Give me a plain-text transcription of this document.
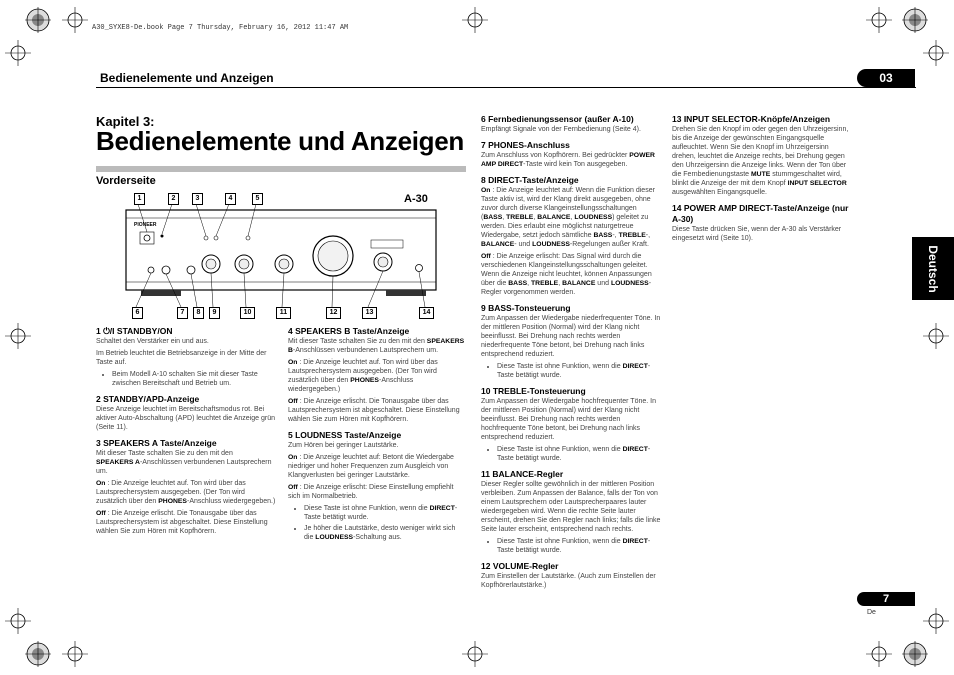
A30_SYXE8-De.book Page 7 Thursday, February 16, 2012 11:47 AM
Bedienelemente und Anzeigen	03
Kapitel 3:
Bedienelemente und Anzeigen
Vorderseite
PIONEER
A-30
1	2	3	4	5
6	7	8	9	10	11	12	13	14
1 ⏻/I STANDBY/ON

Schaltet den Verstärker ein und aus.

Im Betrieb leuchtet die Betriebsanzeige in der Mitte der Taste auf.

• Beim Modell A-10 schalten Sie mit dieser Taste zwischen Bereitschaft und Betrieb um.
2 STANDBY/APD-Anzeige

Diese Anzeige leuchtet im Bereitschaftsmodus rot. Bei aktiver Auto-Abschaltung (APD) leuchtet die Anzeige grün (Seite 11).

3 SPEAKERS A Taste/Anzeige

Mit dieser Taste schalten Sie zu den mit den
SPEAKERS A-Anschlüssen verbundenen Lautsprechern um.

On : Die Anzeige leuchtet auf. Ton wird über das Lautsprechersystem ausgegeben. (Der Ton wird zusätzlich über den PHONES-Anschluss wiedergegeben.)

Off : Die Anzeige erlischt. Die Tonausgabe über das Lautsprechersystem ist abgeschaltet. Diese Einstellung wählen Sie zum Hören mit Kopfhörern.

4 SPEAKERS B Taste/Anzeige

Mit dieser Taste schalten Sie zu den mit den SPEAKERS B-Anschlüssen verbundenen Lautsprechern um.

On : Die Anzeige leuchtet auf. Ton wird über das Lautsprechersystem ausgegeben. (Der Ton wird zusätzlich über den PHONES-Anschluss wiedergegeben.)

Off : Die Anzeige erlischt. Die Tonausgabe über das Lautsprechersystem ist abgeschaltet. Diese Einstellung wählen Sie zum Hören mit Kopfhörern.

5 LOUDNESS Taste/Anzeige

Zum Hören bei geringer Lautstärke.

On : Die Anzeige leuchtet auf: Betont die Wiedergabe niedriger und hoher Frequenzen zum Ausgleich von Klangverlusten bei geringer Lautstärke.

Off : Die Anzeige erlischt: Diese Einstellung empfiehlt sich im Normalbetrieb.

• Diese Taste ist ohne Funktion, wenn die DIRECT-Taste betätigt wurde.
• Je höher die Lautstärke, desto weniger wirkt sich die LOUDNESS-Schaltung aus.
6 Fernbedienungssensor (außer A-10)

Empfängt Signale von der Fernbedienung (Seite 4).

7 PHONES-Anschluss

Zum Anschluss von Kopfhörern. Bei gedrückter POWER AMP DIRECT-Taste wird kein Ton ausgegeben.

8 DIRECT-Taste/Anzeige

On : Die Anzeige leuchtet auf: Wenn die Funktion dieser Taste aktiv ist, wird der Klang direkt ausgegeben, ohne zuvor durch diverse Klangeinstellungsschaltungen (BASS, TREBLE, BALANCE, LOUDNESS) geleitet zu werden. Dies erlaubt eine möglichst naturgetreue Wiedergabe, setzt jedoch sämtliche BASS-, TREBLE-, BALANCE- und LOUDNESS-Regelungen außer Kraft.

Off : Die Anzeige erlischt: Das Signal wird durch die verschiedenen Klangeinstellungsschaltungen geleitet. Wenn die Anzeige nicht leuchtet, können Anpassungen über die BASS, TREBLE, BALANCE und LOUDNESS-Regler vorgenommen werden.

9 BASS-Tonsteuerung

Zum Anpassen der Wiedergabe niederfrequenter Töne. In der mittleren Position (Normal) wird der Klang nicht beeinflusst. Bei Drehung nach rechts werden niederfrequente Töne betont, bei Drehung nach links entsprechend reduziert.

• Diese Taste ist ohne Funktion, wenn die DIRECT-Taste betätigt wurde.
10 TREBLE-Tonsteuerung

Zum Anpassen der Wiedergabe hochfrequenter Töne. In der mittleren Position (Normal) wird der Klang nicht beeinflusst. Bei Drehung nach rechts werden hochfrequente Töne betont, bei Drehung nach links entsprechend reduziert.

• Diese Taste ist ohne Funktion, wenn die DIRECT-Taste betätigt wurde.
11 BALANCE-Regler

Dieser Regler sollte gewöhnlich in der mittleren Position verbleiben. Zum Anpassen der Balance, falls der Ton von einem Lautsprechern oder Lautsprecherpaares lauter wiedergegeben wird. Wenn die rechte Seite lauter erscheint, drehen Sie den Regler nach links; falls die linke Seite lauter erscheint, entsprechend nach rechts.

• Diese Taste ist ohne Funktion, wenn die DIRECT-Taste betätigt wurde.
12 VOLUME-Regler

Zum Einstellen der Lautstärke. (Auch zum Einstellen der Kopfhörerlautstärke.)

13 INPUT SELECTOR-Knöpfe/Anzeigen

Drehen Sie den Knopf im oder gegen den Uhrzeigersinn, bis die Anzeige der gewünschten Eingangsquelle aufleuchtet. Wenn Sie den Knopf im Uhrzeigersinn drehen, leuchtet die Anzeige rechts, bei Drehung gegen den Uhrzeigersinn die Anzeige links. Wenn der Ton über die Fernbedienungstaste MUTE stummgeschaltet wird, blinkt die Anzeige der mit dem Knopf INPUT SELECTOR ausgewählten Eingangsquelle.

14 POWER AMP DIRECT-Taste/Anzeige (nur A-30)

Diese Taste drücken Sie, wenn der A-30 als Verstärker eingesetzt wird (Seite 10).

Deutsch
7
De
